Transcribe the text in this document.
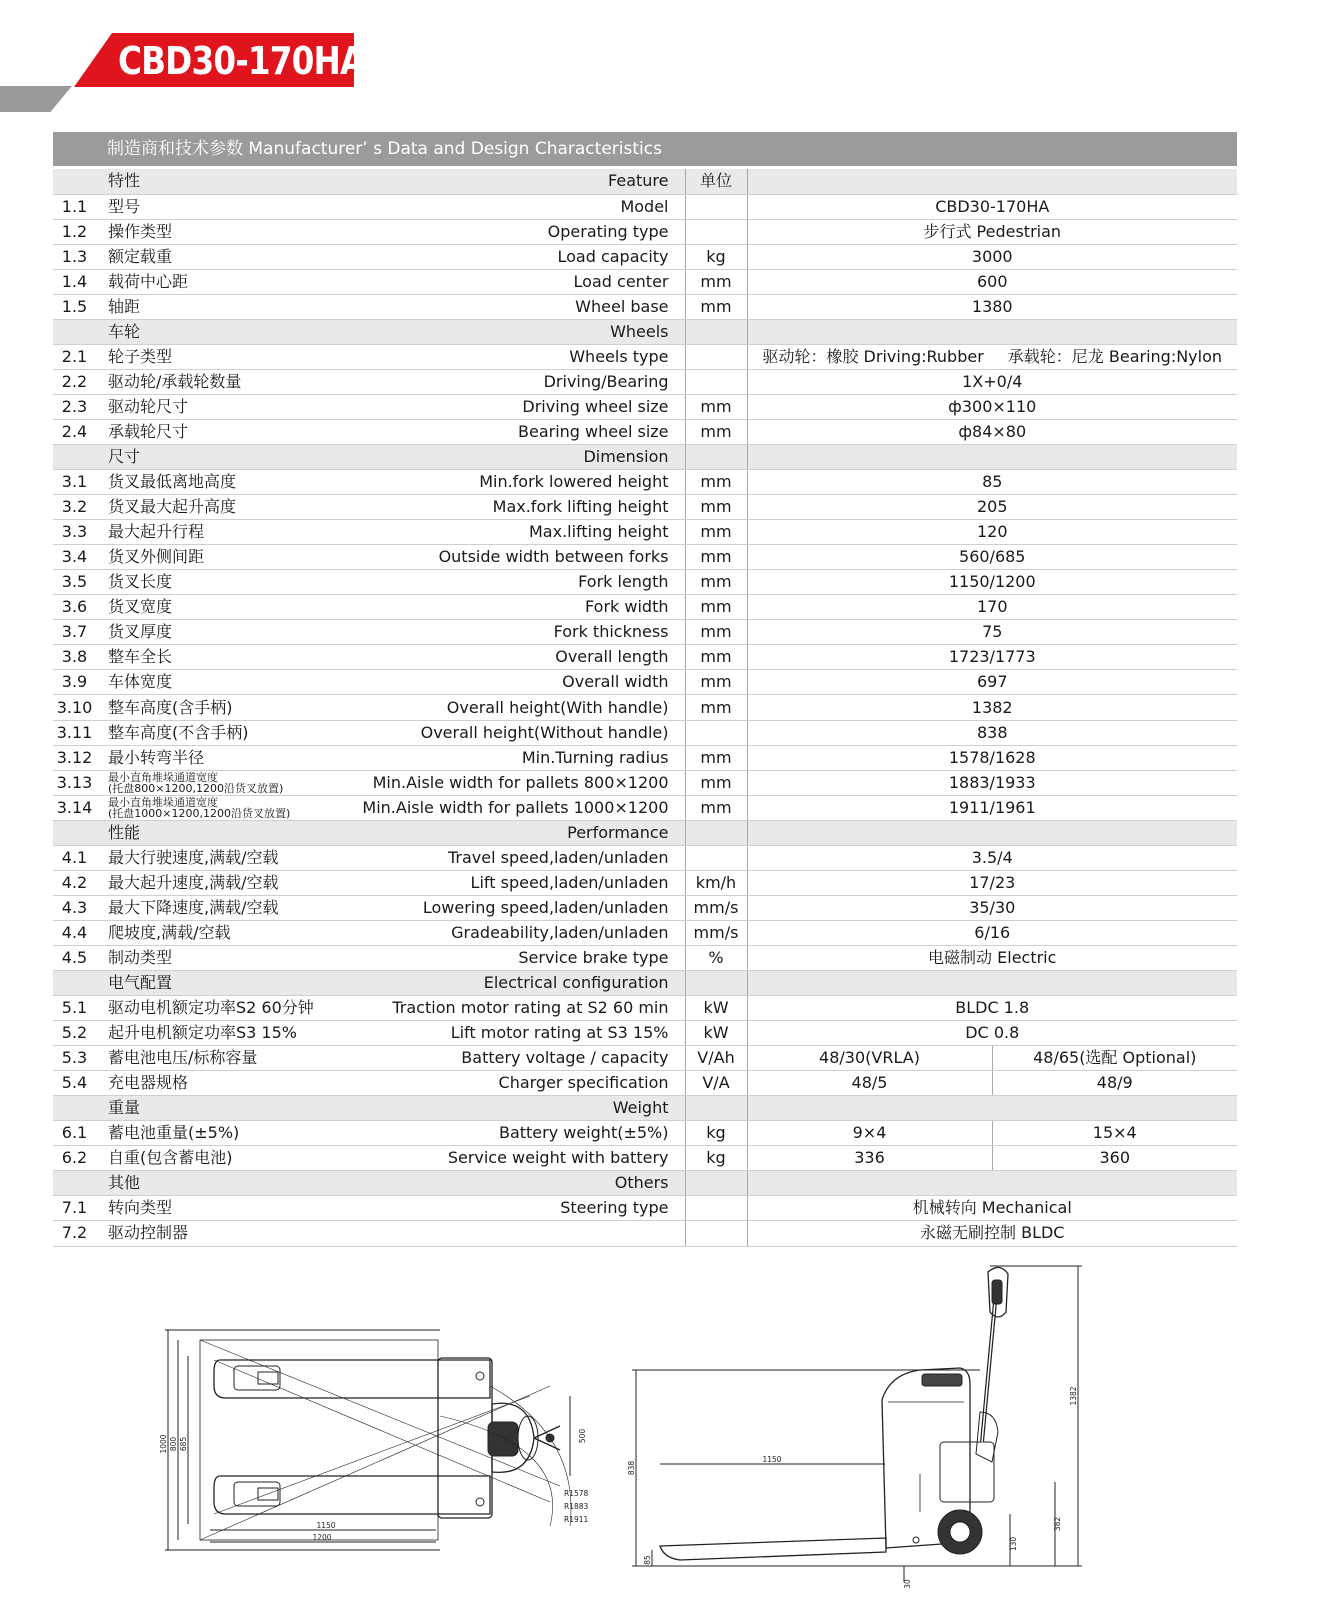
CBD30-170HA
制造商和技术参数 Manufacturer’ s Data and Design Characteristics
	特性	Feature	单位		
1.1	型号	Model		CBD30-170HA	
1.2	操作类型	Operating type		步行式 Pedestrian	
1.3	额定载重	Load capacity	kg	3000	
1.4	载荷中心距	Load center	mm	600	
1.5	轴距	Wheel base	mm	1380	
	车轮	Wheels			
2.1	轮子类型	Wheels type		驱动轮：橡胶 Driving:Rubber 承载轮：尼龙 Bearing:Nylon	
2.2	驱动轮/承载轮数量	Driving/Bearing		1X+0/4	
2.3	驱动轮尺寸	Driving wheel size	mm	ф300×110	
2.4	承载轮尺寸	Bearing wheel size	mm	ф84×80	
	尺寸	Dimension			
3.1	货叉最低离地高度	Min.fork lowered height	mm	85	
3.2	货叉最大起升高度	Max.fork lifting height	mm	205	
3.3	最大起升行程	Max.lifting height	mm	120	
3.4	货叉外侧间距	Outside width between forks	mm	560/685	
3.5	货叉长度	Fork length	mm	1150/1200	
3.6	货叉宽度	Fork width	mm	170	
3.7	货叉厚度	Fork thickness	mm	75	
3.8	整车全长	Overall length	mm	1723/1773	
3.9	车体宽度	Overall width	mm	697	
3.10	整车高度(含手柄)	Overall height(With handle)	mm	1382	
3.11	整车高度(不含手柄)	Overall height(Without handle)		838	
3.12	最小转弯半径	Min.Turning radius	mm	1578/1628	
3.13	最小直角堆垛通道宽度
(托盘800×1200,1200沿货叉放置)	Min.Aisle width for pallets 800×1200	mm	1883/1933	
3.14	最小直角堆垛通道宽度
(托盘1000×1200,1200沿货叉放置)	Min.Aisle width for pallets 1000×1200	mm	1911/1961	
	性能	Performance			
4.1	最大行驶速度,满载/空载	Travel speed,laden/unladen		3.5/4	
4.2	最大起升速度,满载/空载	Lift speed,laden/unladen	km/h	17/23	
4.3	最大下降速度,满载/空载	Lowering speed,laden/unladen	mm/s	35/30	
4.4	爬坡度,满载/空载	Gradeability,laden/unladen	mm/s	6/16	
4.5	制动类型	Service brake type	%	电磁制动 Electric	
	电气配置	Electrical configuration			
5.1	驱动电机额定功率S2 60分钟	Traction motor rating at S2 60 min	kW	BLDC 1.8	
5.2	起升电机额定功率S3 15%	Lift motor rating at S3 15%	kW	DC 0.8	
5.3	蓄电池电压/标称容量	Battery voltage / capacity	V/Ah	48/30(VRLA)	48/65(选配 Optional)
5.4	充电器规格	Charger specification	V/A	48/5	48/9
	重量	Weight			
6.1	蓄电池重量(±5%)	Battery weight(±5%)	kg	9×4	15×4
6.2	自重(包含蓄电池)	Service weight with battery	kg	336	360
	其他	Others			
7.1	转向类型	Steering type		机械转向 Mechanical	
7.2	驱动控制器			永磁无刷控制 BLDC	
1000 800 685
500
1150
1200
R1578
R1883
R1911
838
1150
1382
382
85
130
30
